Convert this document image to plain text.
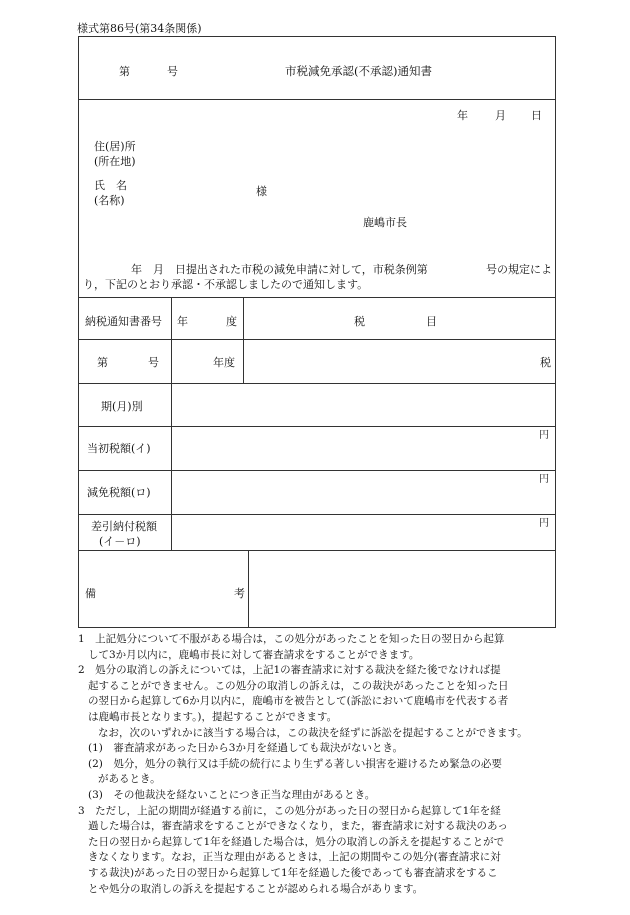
様式第86号(第34条関係)
第	号	市税減免承認(不承認)通知書
年 月 日
住(居)所
(所在地)
氏　名
(名称)
様
鹿嶋市長
年　月　日提出された市税の減免申請に対して，市税条例第	号の規定によ
り，下記のとおり承認・不承認しましたので通知します。
納税通知書番号 年	度	税	目
第	号	年度	税
期(月)別
当初税額(イ)
円
減免税額(ロ)
円
差引納付税額
(イ－ロ)
円
備	考
1　上記処分について不服がある場合は，この処分があったことを知った日の翌日から起算
して3か月以内に，鹿嶋市長に対して審査請求をすることができます。
2　処分の取消しの訴えについては，上記1の審査請求に対する裁決を経た後でなければ提
起することができません。この処分の取消しの訴えは，この裁決があったことを知った日
の翌日から起算して6か月以内に，鹿嶋市を被告として(訴訟において鹿嶋市を代表する者
は鹿嶋市長となります。)，提起することができます。
なお，次のいずれかに該当する場合は，この裁決を経ずに訴訟を提起することができます。
(1)　審査請求があった日から3か月を経過しても裁決がないとき。
(2)　処分，処分の執行又は手続の続行により生ずる著しい損害を避けるため緊急の必要
があるとき。
(3)　その他裁決を経ないことにつき正当な理由があるとき。
3　ただし，上記の期間が経過する前に，この処分があった日の翌日から起算して1年を経
過した場合は，審査請求をすることができなくなり，また，審査請求に対する裁決のあっ
た日の翌日から起算して1年を経過した場合は，処分の取消しの訴えを提起することがで
きなくなります。なお，正当な理由があるときは，上記の期間やこの処分(審査請求に対
する裁決)があった日の翌日から起算して1年を経過した後であっても審査請求をするこ
とや処分の取消しの訴えを提起することが認められる場合があります。
